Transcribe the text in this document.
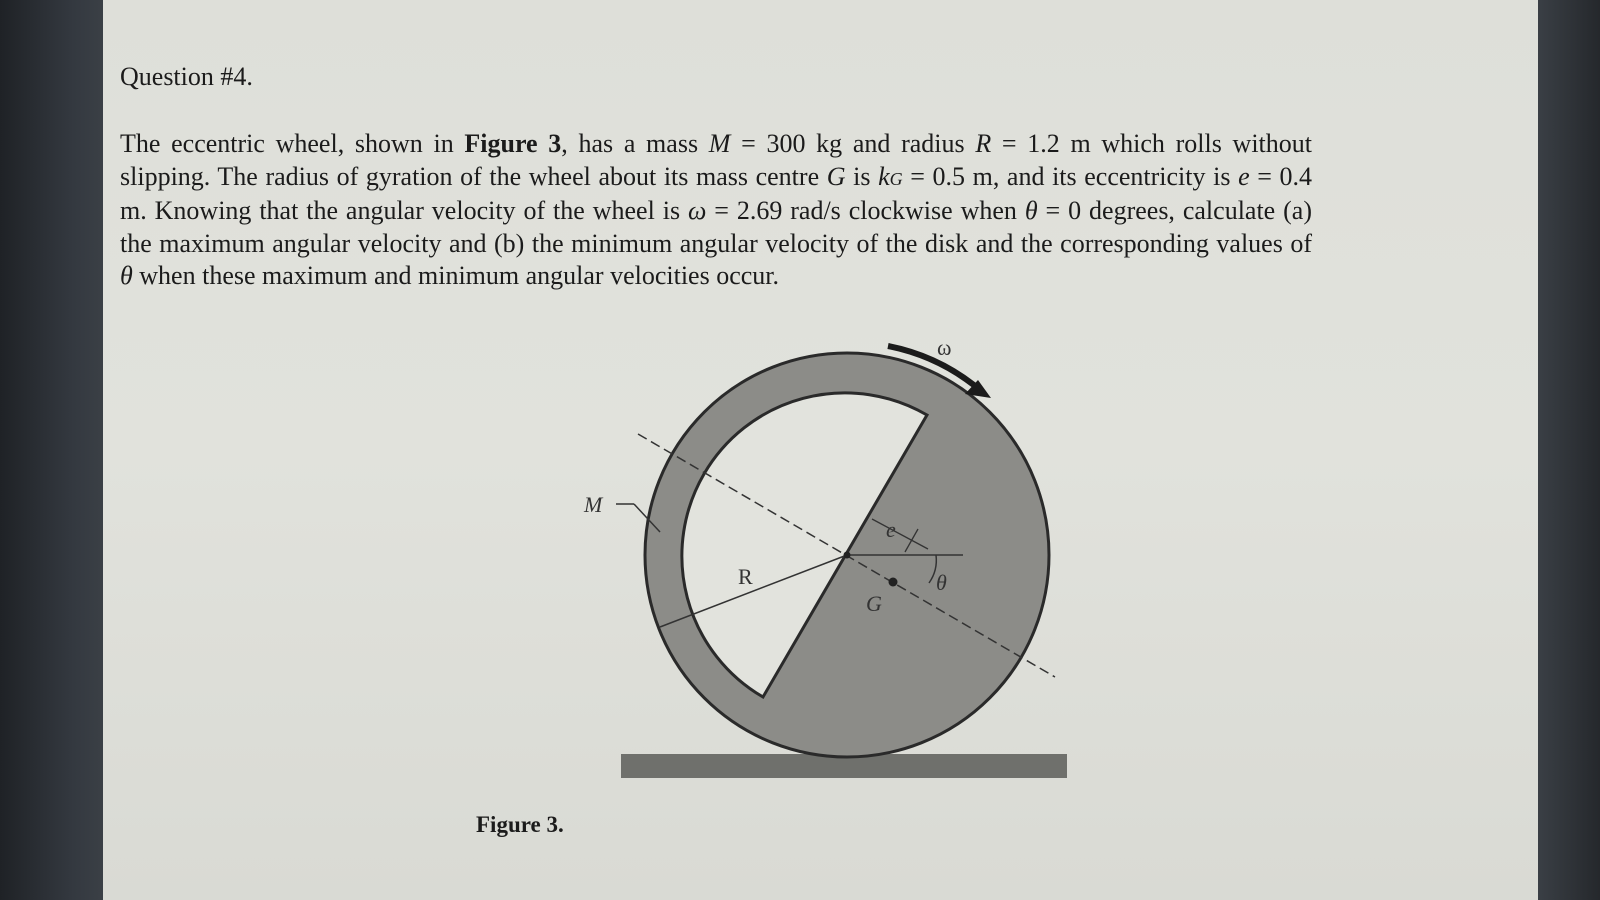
Question #4.
The eccentric wheel, shown in Figure 3, has a mass M = 300 kg and radius R = 1.2 m which rolls without slipping. The radius of gyration of the wheel about its mass centre G is kG = 0.5 m, and its eccentricity is e = 0.4 m. Knowing that the angular velocity of the wheel is ω = 2.69 rad/s clockwise when θ = 0 degrees, calculate (a) the maximum angular velocity and (b) the minimum angular velocity of the disk and the corresponding values of θ when these maximum and minimum angular velocities occur.
Figure 3.
ω
M
R
e
θ
G
